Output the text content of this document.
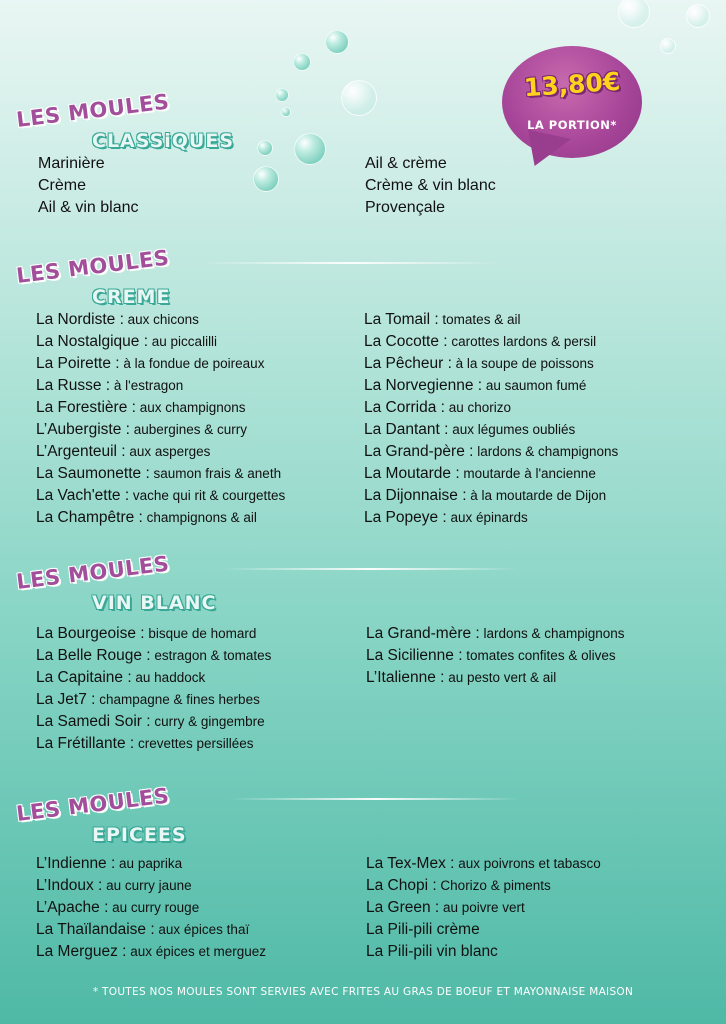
13,80€
LA PORTION*
LES MOULES
CLASSiQUES
Marinière
Crème
Ail & vin blanc
Ail & crème
Crème & vin blanc
Provençale
LES MOULES
CREME
La Nordiste : aux chicons
La Nostalgique : au piccalilli
La Poirette : à la fondue de poireaux
La Russe : à l'estragon
La Forestière : aux champignons
L’Aubergiste : aubergines & curry
L’Argenteuil : aux asperges
La Saumonette : saumon frais & aneth
La Vach'ette : vache qui rit & courgettes
La Champêtre : champignons & ail
La Tomail : tomates & ail
La Cocotte : carottes lardons & persil
La Pêcheur : à la soupe de poissons
La Norvegienne : au saumon fumé
La Corrida : au chorizo
La Dantant : aux légumes oubliés
La Grand-père : lardons & champignons
La Moutarde : moutarde à l'ancienne
La Dijonnaise : à la moutarde de Dijon
La Popeye : aux épinards
LES MOULES
VIN BLANC
La Bourgeoise : bisque de homard
La Belle Rouge : estragon & tomates
La Capitaine : au haddock
La Jet7 : champagne & fines herbes
La Samedi Soir : curry & gingembre
La Frétillante : crevettes persillées
La Grand-mère : lardons & champignons
La Sicilienne : tomates confites & olives
L’Italienne : au pesto vert & ail
LES MOULES
EPICEES
L’Indienne : au paprika
L’Indoux : au curry jaune
L’Apache : au curry rouge
La Thaïlandaise : aux épices thaï
La Merguez : aux épices et merguez
La Tex-Mex : aux poivrons et tabasco
La Chopi : Chorizo & piments
La Green : au poivre vert
La Pili-pili crème
La Pili-pili vin blanc
* TOUTES NOS MOULES SONT SERVIES AVEC FRITES AU GRAS DE BOEUF ET MAYONNAISE MAISON
